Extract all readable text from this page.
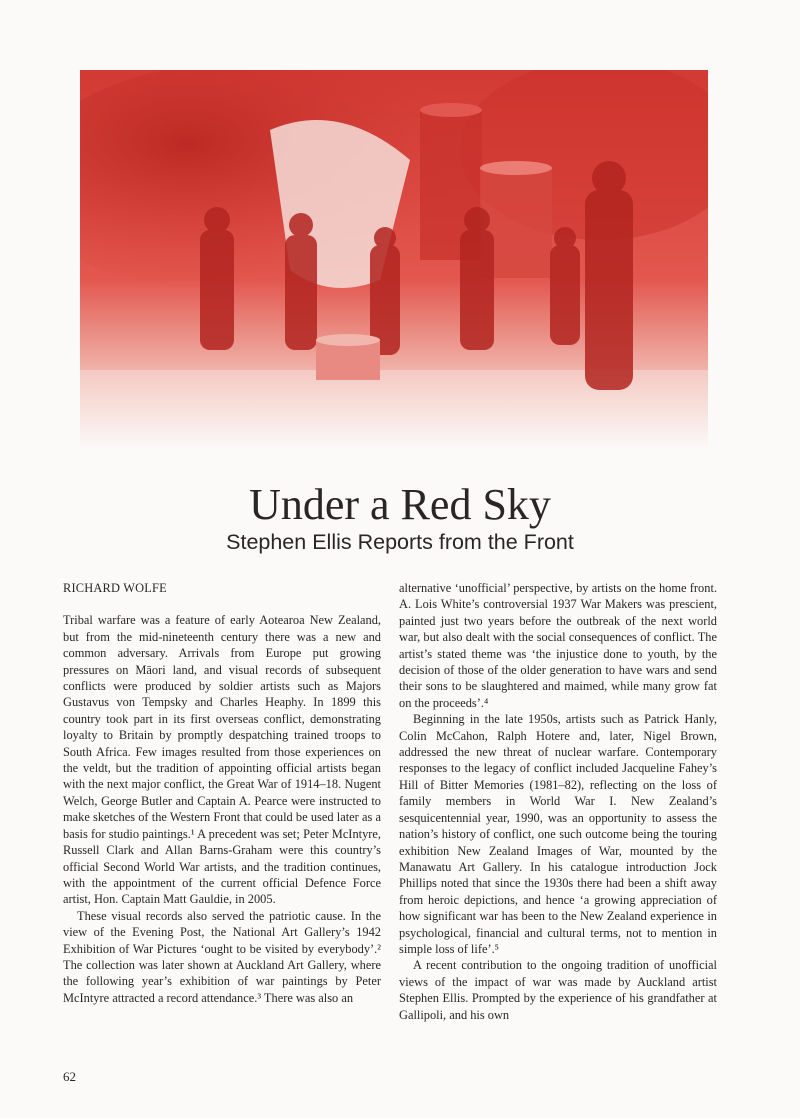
Under a Red Sky
Stephen Ellis Reports from the Front
RICHARD WOLFE

Tribal warfare was a feature of early Aotearoa New Zealand, but from the mid-nineteenth century there was a new and common adversary. Arrivals from Europe put growing pressures on Māori land, and visual records of subsequent conflicts were produced by soldier artists such as Majors Gustavus von Tempsky and Charles Heaphy. In 1899 this country took part in its first overseas conflict, demonstrating loyalty to Britain by promptly despatching trained troops to South Africa. Few images resulted from those experiences on the veldt, but the tradition of appointing official artists began with the next major conflict, the Great War of 1914–18. Nugent Welch, George Butler and Captain A. Pearce were instructed to make sketches of the Western Front that could be used later as a basis for studio paintings.¹ A precedent was set; Peter McIntyre, Russell Clark and Allan Barns-Graham were this country’s official Second World War artists, and the tradition continues, with the appointment of the current official Defence Force artist, Hon. Captain Matt Gauldie, in 2005.

These visual records also served the patriotic cause. In the view of the Evening Post, the National Art Gallery’s 1942 Exhibition of War Pictures ‘ought to be visited by everybody’.² The collection was later shown at Auckland Art Gallery, where the following year’s exhibition of war paintings by Peter McIntyre attracted a record attendance.³ There was also an

alternative ‘unofficial’ perspective, by artists on the home front. A. Lois White’s controversial 1937 War Makers was prescient, painted just two years before the outbreak of the next world war, but also dealt with the social consequences of conflict. The artist’s stated theme was ‘the injustice done to youth, by the decision of those of the older generation to have wars and send their sons to be slaughtered and maimed, while many grow fat on the proceeds’.⁴

Beginning in the late 1950s, artists such as Patrick Hanly, Colin McCahon, Ralph Hotere and, later, Nigel Brown, addressed the new threat of nuclear warfare. Contemporary responses to the legacy of conflict included Jacqueline Fahey’s Hill of Bitter Memories (1981–82), reflecting on the loss of family members in World War I. New Zealand’s sesquicentennial year, 1990, was an opportunity to assess the nation’s history of conflict, one such outcome being the touring exhibition New Zealand Images of War, mounted by the Manawatu Art Gallery. In his catalogue introduction Jock Phillips noted that since the 1930s there had been a shift away from heroic depictions, and hence ‘a growing appreciation of how significant war has been to the New Zealand experience in psychological, financial and cultural terms, not to mention in simple loss of life’.⁵

A recent contribution to the ongoing tradition of unofficial views of the impact of war was made by Auckland artist Stephen Ellis. Prompted by the experience of his grandfather at Gallipoli, and his own

62
